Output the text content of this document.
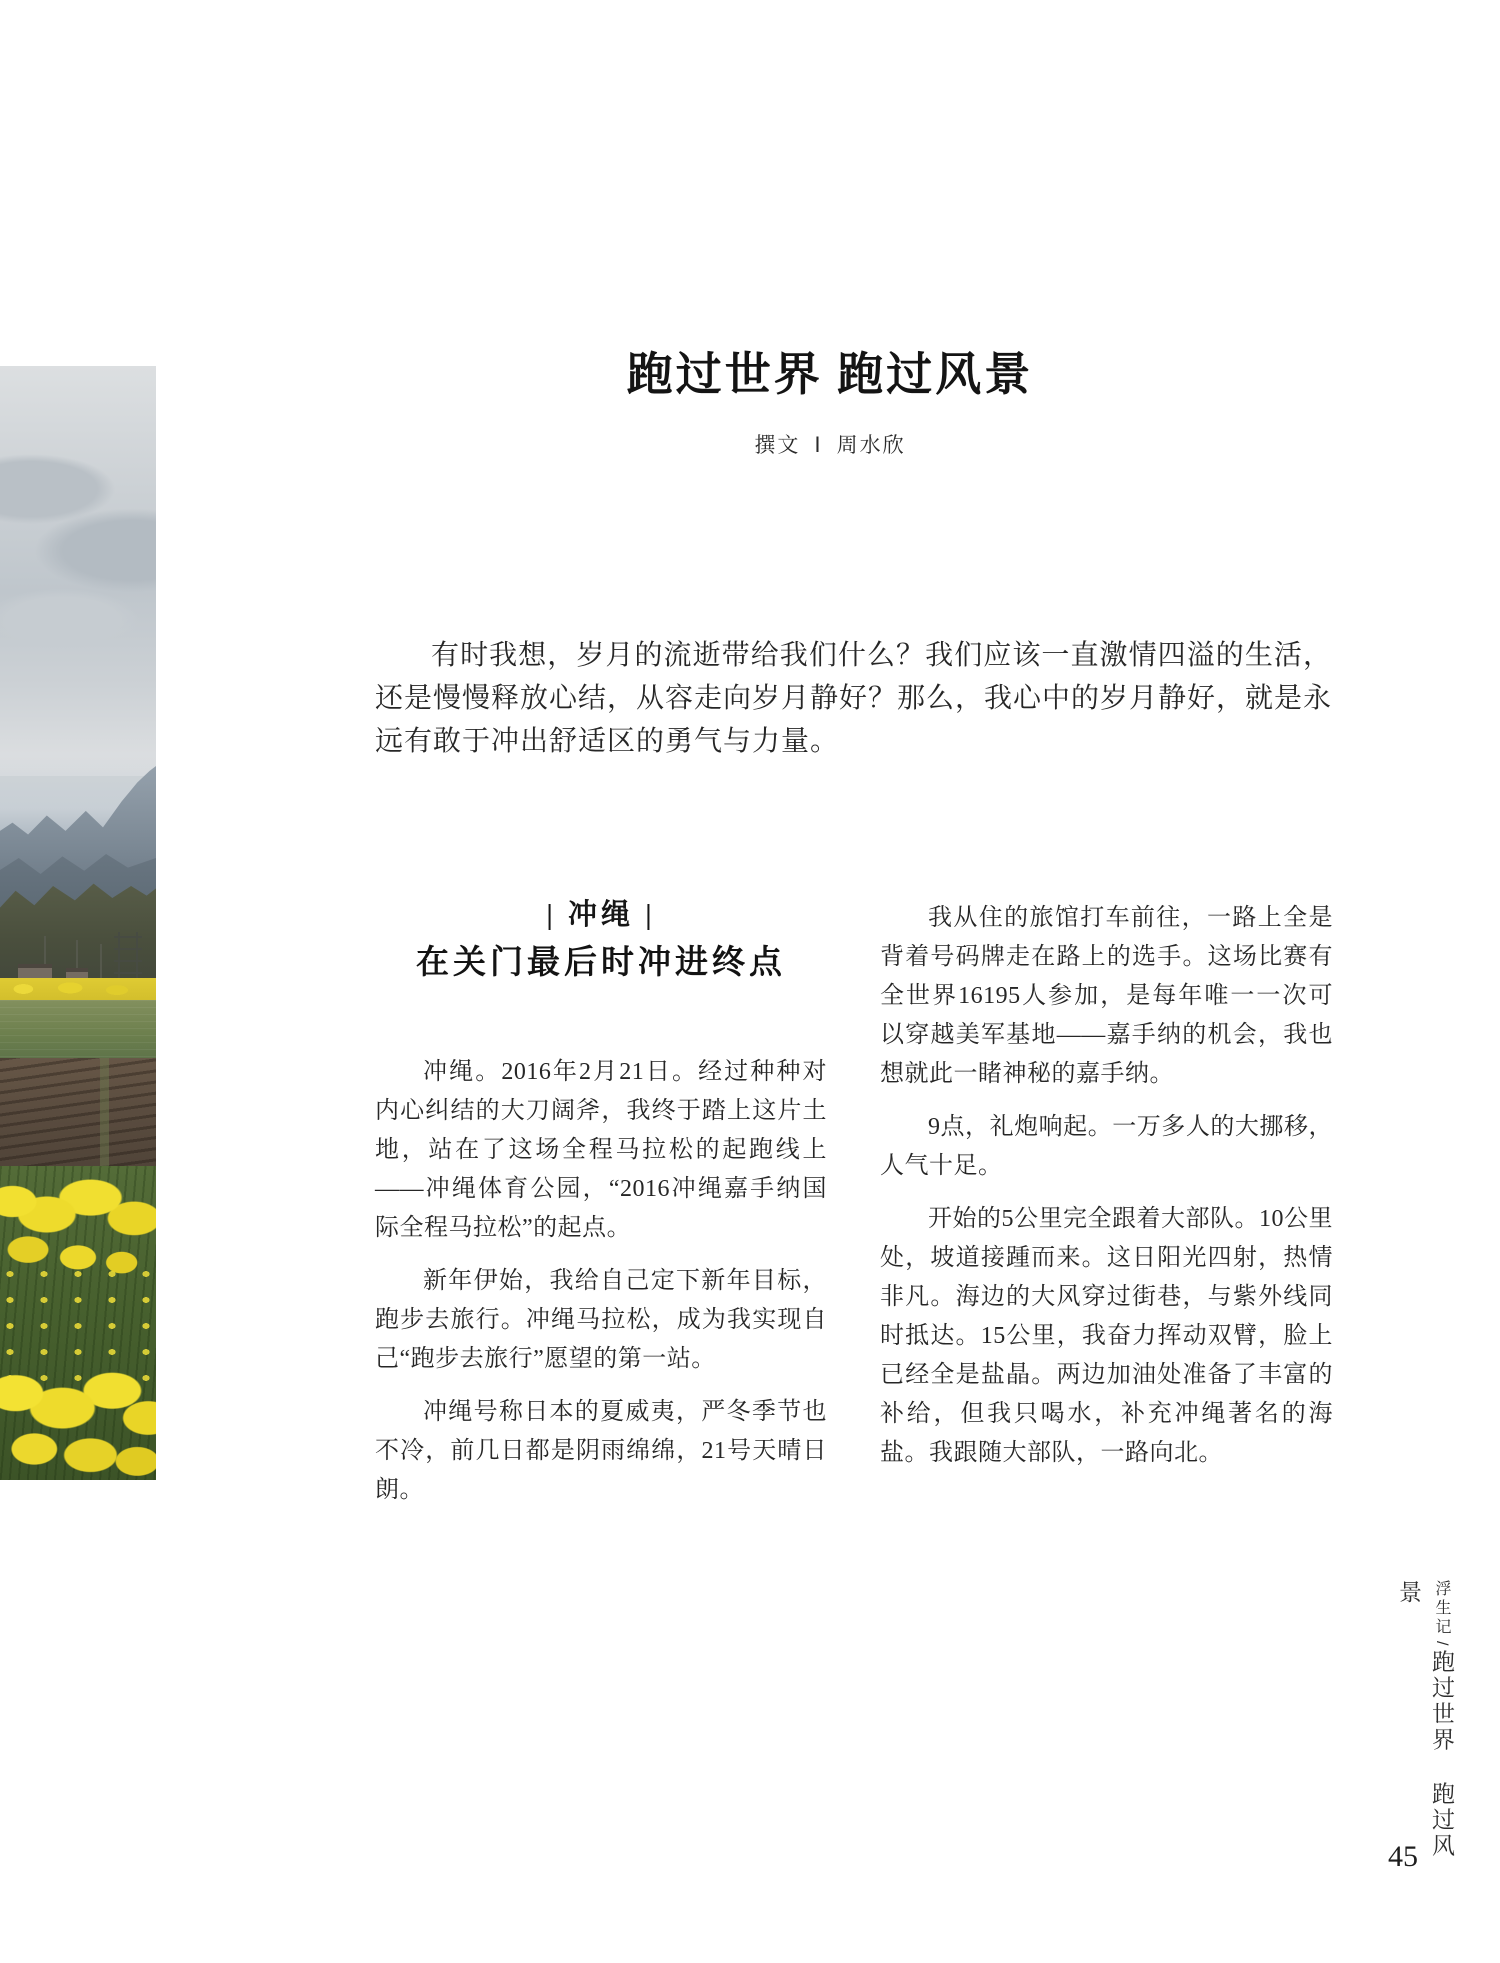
跑过世界 跑过风景
撰文 Ⅰ 周水欣

有时我想，岁月的流逝带给我们什么？我们应该一直激情四溢的生活，还是慢慢释放心结，从容走向岁月静好？那么，我心中的岁月静好，就是永远有敢于冲出舒适区的勇气与力量。

| 冲绳 |
在关门最后时冲进终点

冲绳。2016年2月21日。经过种种对内心纠结的大刀阔斧，我终于踏上这片土地，站在了这场全程马拉松的起跑线上——冲绳体育公园，“2016冲绳嘉手纳国际全程马拉松”的起点。

新年伊始，我给自己定下新年目标，跑步去旅行。冲绳马拉松，成为我实现自己“跑步去旅行”愿望的第一站。

冲绳号称日本的夏威夷，严冬季节也不冷，前几日都是阴雨绵绵，21号天晴日朗。

我从住的旅馆打车前往，一路上全是背着号码牌走在路上的选手。这场比赛有全世界16195人参加，是每年唯一一次可以穿越美军基地——嘉手纳的机会，我也想就此一睹神秘的嘉手纳。

9点，礼炮响起。一万多人的大挪移，人气十足。

开始的5公里完全跟着大部队。10公里处，坡道接踵而来。这日阳光四射，热情非凡。海边的大风穿过街巷，与紫外线同时抵达。15公里，我奋力挥动双臂，脸上已经全是盐晶。两边加油处准备了丰富的补给，但我只喝水，补充冲绳著名的海盐。我跟随大部队，一路向北。

浮生记/跑过世界 跑过风景
45
